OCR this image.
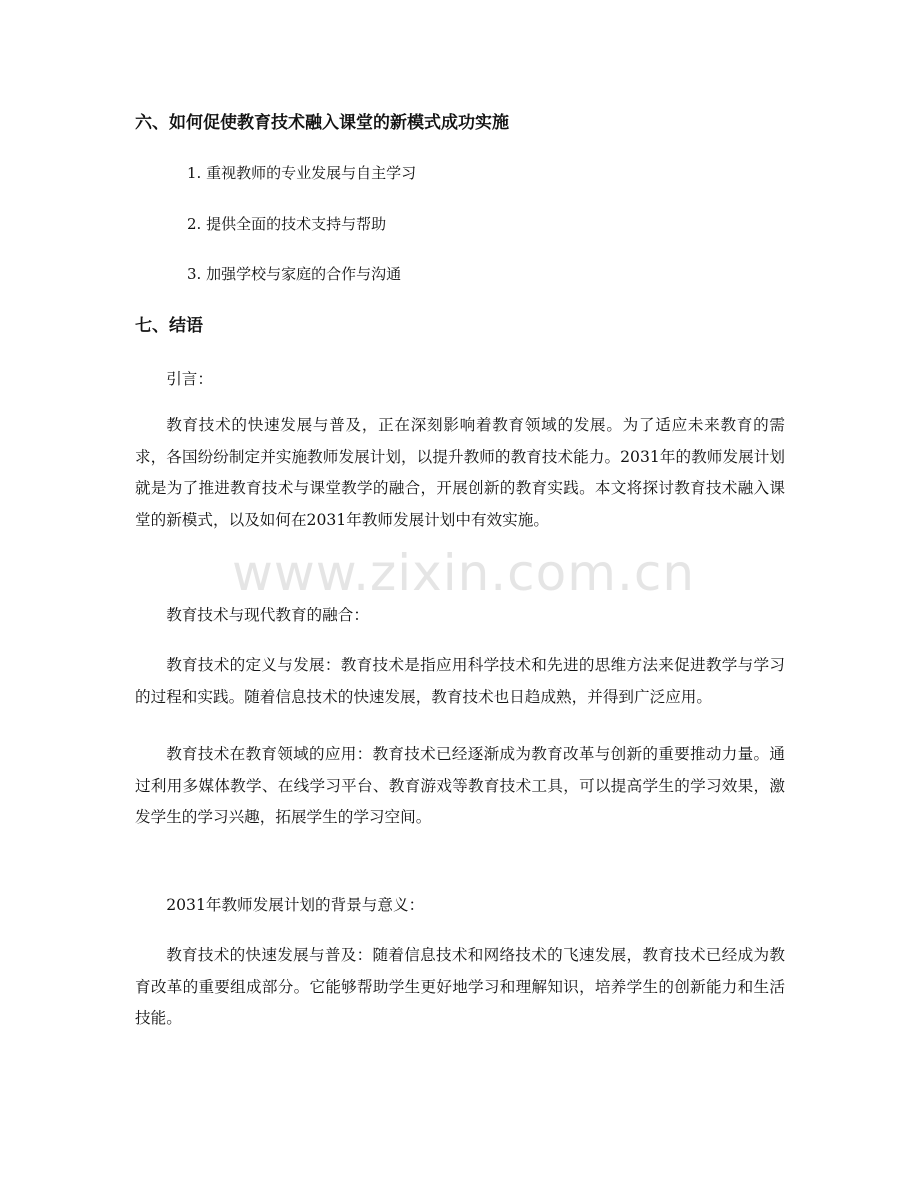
六、如何促使教育技术融入课堂的新模式成功实施
1. 重视教师的专业发展与自主学习
2. 提供全面的技术支持与帮助
3. 加强学校与家庭的合作与沟通
七、结语
引言：
教育技术的快速发展与普及，正在深刻影响着教育领域的发展。为了适应未来教育的需求，各国纷纷制定并实施教师发展计划，以提升教师的教育技术能力。2031年的教师发展计划就是为了推进教育技术与课堂教学的融合，开展创新的教育实践。本文将探讨教育技术融入课堂的新模式，以及如何在2031年教师发展计划中有效实施。
教育技术与现代教育的融合：
教育技术的定义与发展：教育技术是指应用科学技术和先进的思维方法来促进教学与学习的过程和实践。随着信息技术的快速发展，教育技术也日趋成熟，并得到广泛应用。
教育技术在教育领域的应用：教育技术已经逐渐成为教育改革与创新的重要推动力量。通过利用多媒体教学、在线学习平台、教育游戏等教育技术工具，可以提高学生的学习效果，激发学生的学习兴趣，拓展学生的学习空间。
2031年教师发展计划的背景与意义：
教育技术的快速发展与普及：随着信息技术和网络技术的飞速发展，教育技术已经成为教育改革的重要组成部分。它能够帮助学生更好地学习和理解知识，培养学生的创新能力和生活技能。
www.zixin.com.cn
